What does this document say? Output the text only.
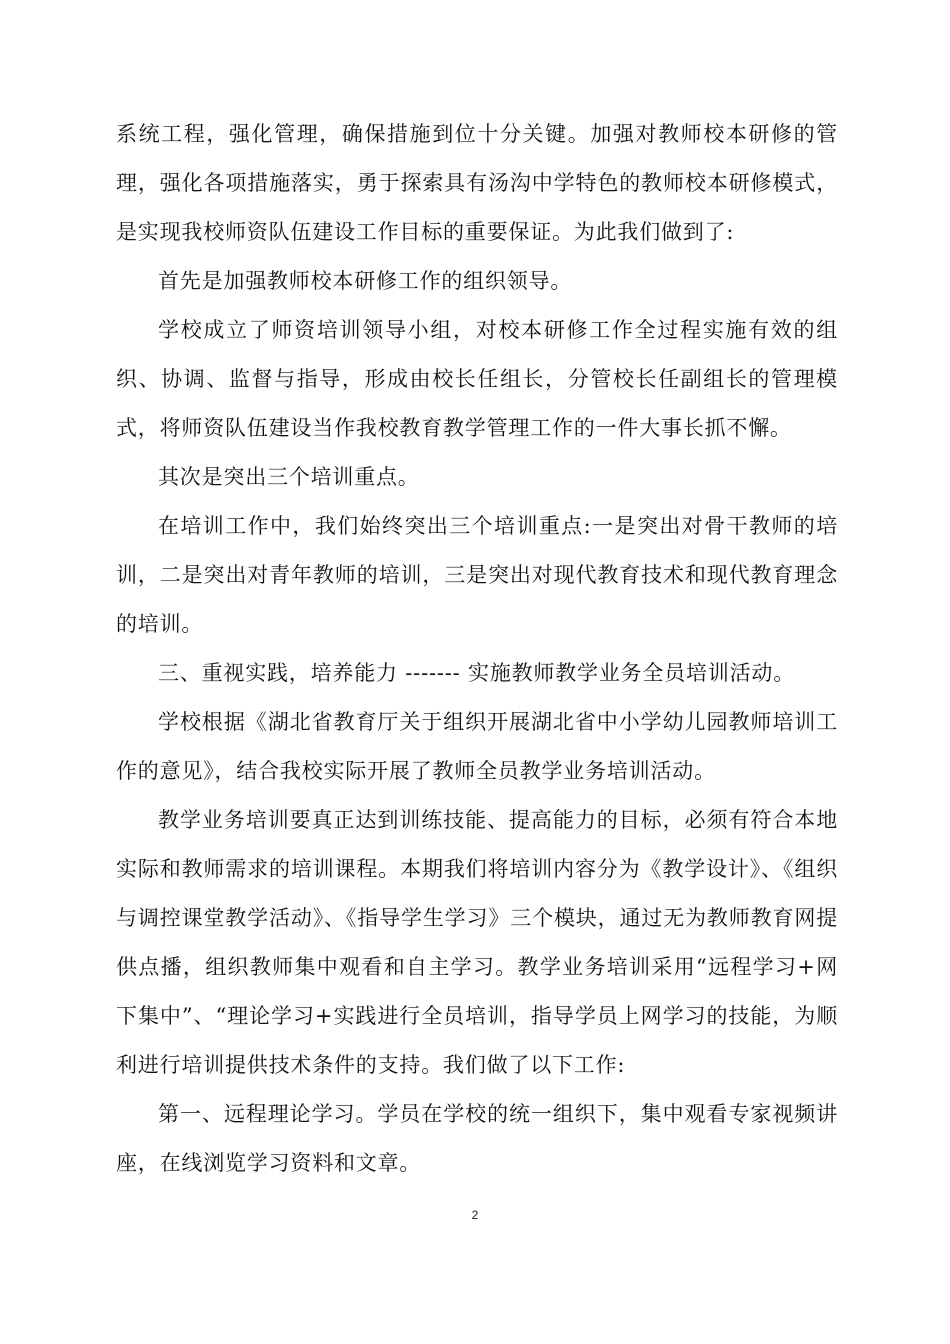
系统工程，强化管理，确保措施到位十分关键。加强对教师校本研修的管理，强化各项措施落实，勇于探索具有汤沟中学特色的教师校本研修模式，是实现我校师资队伍建设工作目标的重要保证。为此我们做到了:

首先是加强教师校本研修工作的组织领导。

学校成立了师资培训领导小组，对校本研修工作全过程实施有效的组织、协调、监督与指导，形成由校长任组长，分管校长任副组长的管理模式，将师资队伍建设当作我校教育教学管理工作的一件大事长抓不懈。

其次是突出三个培训重点。

在培训工作中，我们始终突出三个培训重点:一是突出对骨干教师的培训，二是突出对青年教师的培训，三是突出对现代教育技术和现代教育理念的培训。

三、重视实践，培养能力 ------- 实施教师教学业务全员培训活动。

学校根据《湖北省教育厅关于组织开展湖北省中小学幼儿园教师培训工作的意见》，结合我校实际开展了教师全员教学业务培训活动。

教学业务培训要真正达到训练技能、提高能力的目标，必须有符合本地实际和教师需求的培训课程。本期我们将培训内容分为《教学设计》、《组织与调控课堂教学活动》、《指导学生学习》三个模块，通过无为教师教育网提供点播，组织教师集中观看和自主学习。教学业务培训采用“远程学习+网下集中”、“理论学习+实践进行全员培训，指导学员上网学习的技能，为顺利进行培训提供技术条件的支持。我们做了以下工作:

第一、远程理论学习。学员在学校的统一组织下，集中观看专家视频讲座，在线浏览学习资料和文章。

2
